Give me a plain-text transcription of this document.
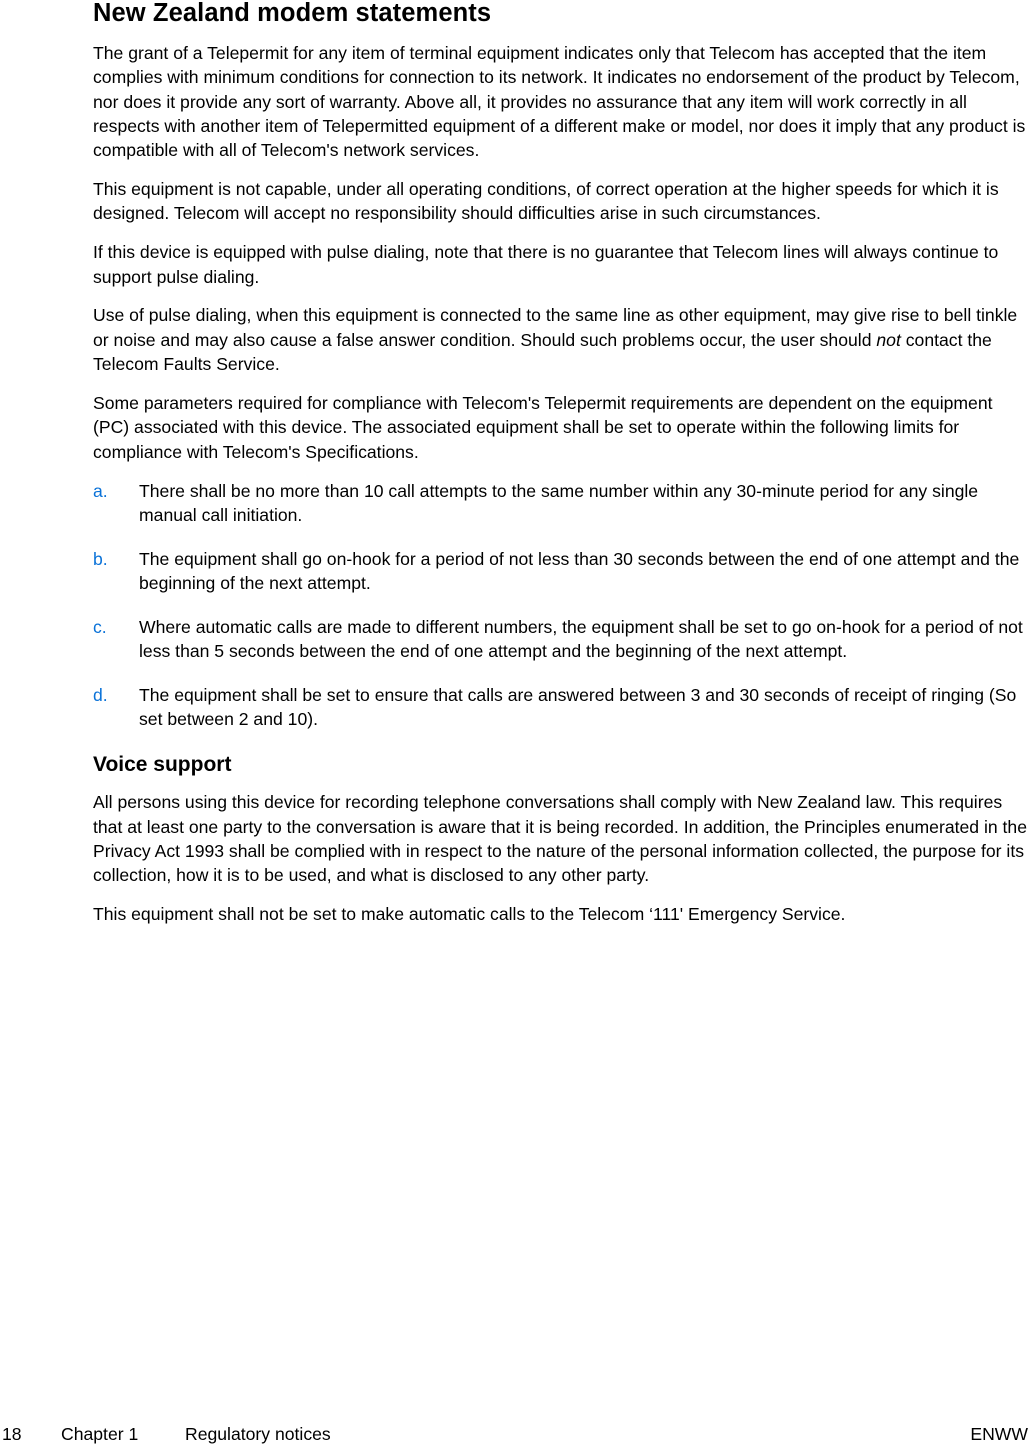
New Zealand modem statements

The grant of a Telepermit for any item of terminal equipment indicates only that Telecom has accepted that the item complies with minimum conditions for connection to its network. It indicates no endorsement of the product by Telecom, nor does it provide any sort of warranty. Above all, it provides no assurance that any item will work correctly in all respects with another item of Telepermitted equipment of a different make or model, nor does it imply that any product is compatible with all of Telecom's network services.

This equipment is not capable, under all operating conditions, of correct operation at the higher speeds for which it is designed. Telecom will accept no responsibility should difficulties arise in such circumstances.

If this device is equipped with pulse dialing, note that there is no guarantee that Telecom lines will always continue to support pulse dialing.

Use of pulse dialing, when this equipment is connected to the same line as other equipment, may give rise to bell tinkle or noise and may also cause a false answer condition. Should such problems occur, the user should not contact the Telecom Faults Service.

Some parameters required for compliance with Telecom's Telepermit requirements are dependent on the equipment (PC) associated with this device. The associated equipment shall be set to operate within the following limits for compliance with Telecom's Specifications.

a. There shall be no more than 10 call attempts to the same number within any 30-minute period for any single manual call initiation.
b. The equipment shall go on-hook for a period of not less than 30 seconds between the end of one attempt and the beginning of the next attempt.
c. Where automatic calls are made to different numbers, the equipment shall be set to go on-hook for a period of not less than 5 seconds between the end of one attempt and the beginning of the next attempt.
d. The equipment shall be set to ensure that calls are answered between 3 and 30 seconds of receipt of ringing (So set between 2 and 10).
Voice support

All persons using this device for recording telephone conversations shall comply with New Zealand law. This requires that at least one party to the conversation is aware that it is being recorded. In addition, the Principles enumerated in the Privacy Act 1993 shall be complied with in respect to the nature of the personal information collected, the purpose for its collection, how it is to be used, and what is disclosed to any other party.

This equipment shall not be set to make automatic calls to the Telecom ‘111' Emergency Service.

18 Chapter 1	Regulatory notices	ENWW
